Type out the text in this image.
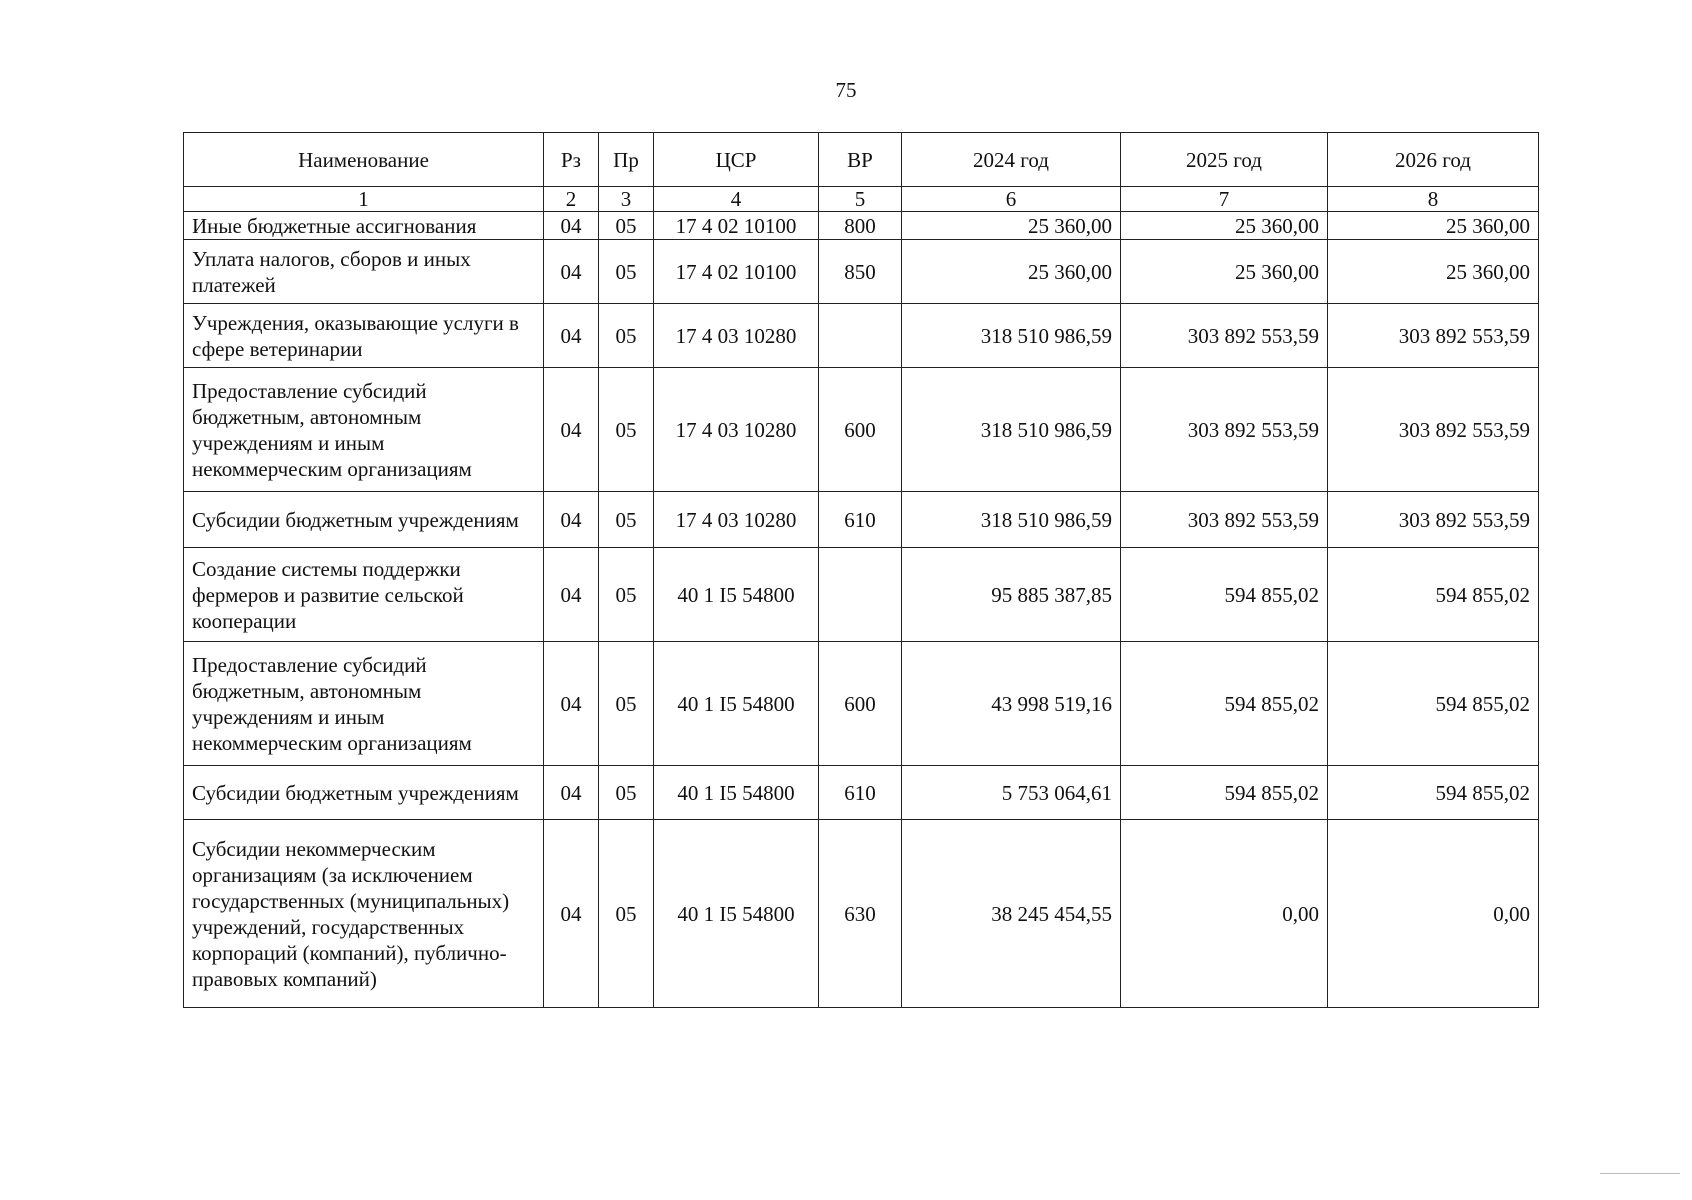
75
Наименование	Рз	Пр	ЦСР	ВР	2024 год	2025 год	2026 год
1	2	3	4	5	6	7	8
Иные бюджетные ассигнования	04	05	17 4 02 10100	800	25 360,00	25 360,00	25 360,00
Уплата налогов, сборов и иных платежей	04	05	17 4 02 10100	850	25 360,00	25 360,00	25 360,00
Учреждения, оказывающие услуги в сфере ветеринарии	04	05	17 4 03 10280		318 510 986,59	303 892 553,59	303 892 553,59
Предоставление субсидий бюджетным, автономным учреждениям и иным некоммерческим организациям	04	05	17 4 03 10280	600	318 510 986,59	303 892 553,59	303 892 553,59
Субсидии бюджетным учреждениям	04	05	17 4 03 10280	610	318 510 986,59	303 892 553,59	303 892 553,59
Создание системы поддержки фермеров и развитие сельской кооперации	04	05	40 1 I5 54800		95 885 387,85	594 855,02	594 855,02
Предоставление субсидий бюджетным, автономным учреждениям и иным некоммерческим организациям	04	05	40 1 I5 54800	600	43 998 519,16	594 855,02	594 855,02
Субсидии бюджетным учреждениям	04	05	40 1 I5 54800	610	5 753 064,61	594 855,02	594 855,02
Субсидии некоммерческим организациям (за исключением государственных (муниципальных) учреждений, государственных корпораций (компаний), публично-правовых компаний)	04	05	40 1 I5 54800	630	38 245 454,55	0,00	0,00
